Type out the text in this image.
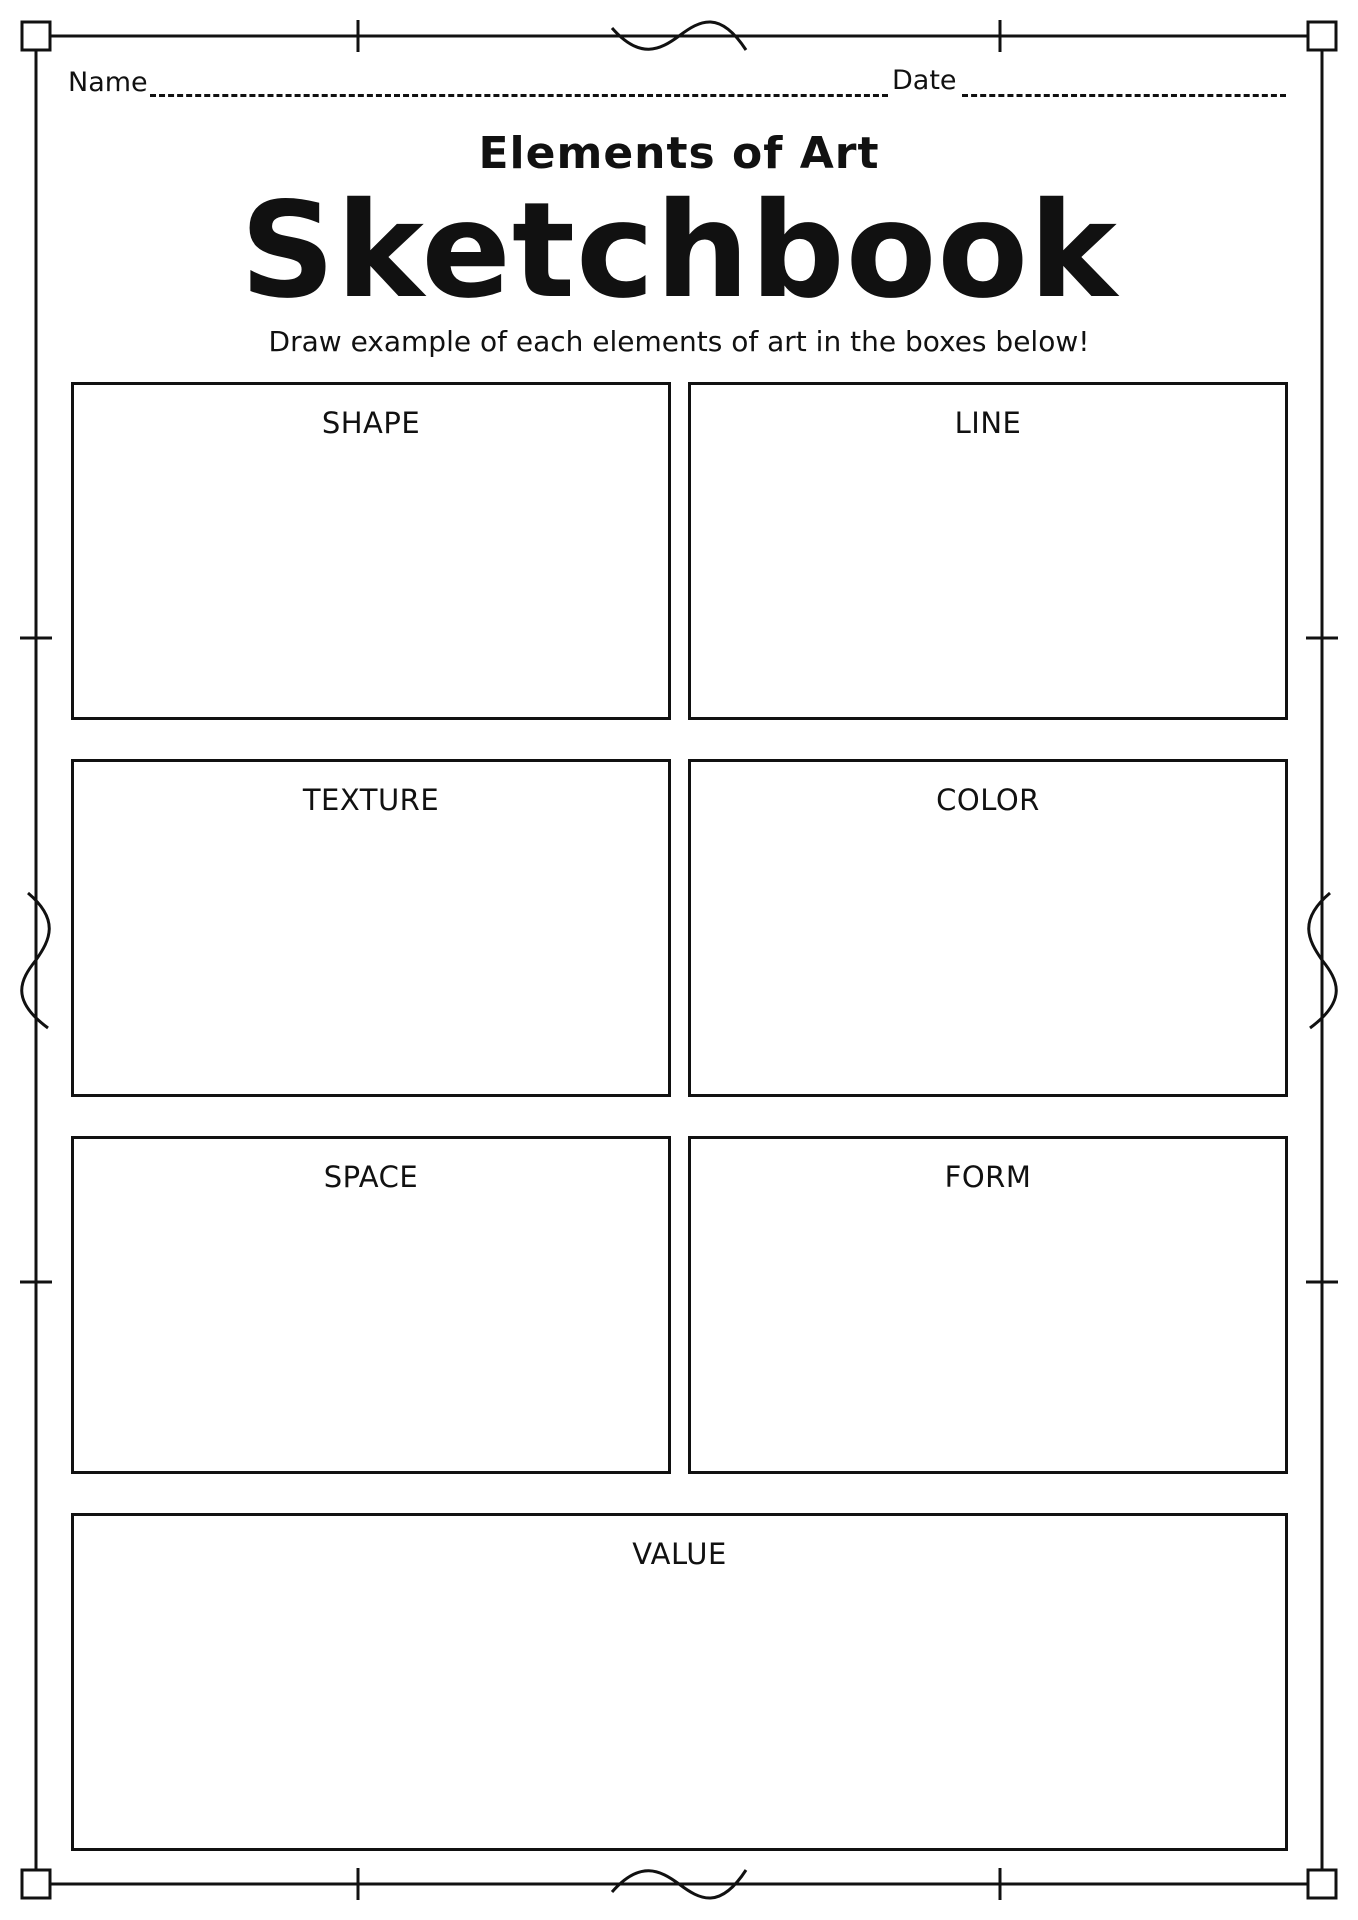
Name	Date
Elements of Art
Sketchbook
Draw example of each elements of art in the boxes below!
SHAPE	LINE
TEXTURE	COLOR
SPACE	FORM
VALUE
